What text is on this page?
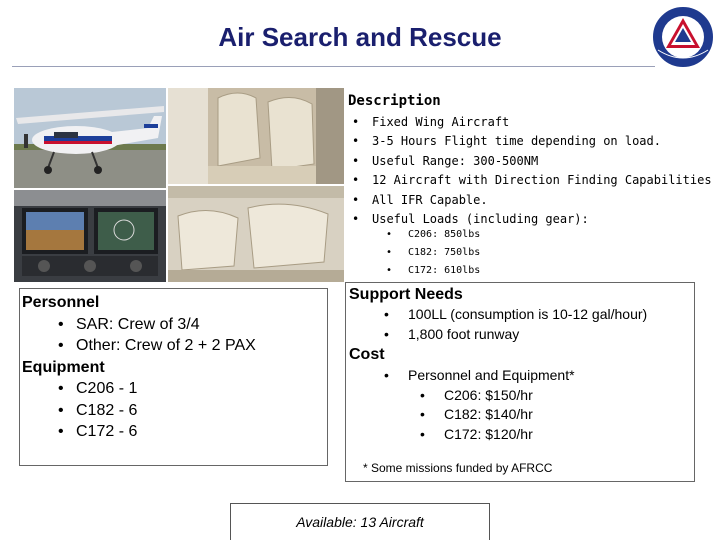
Air Search and Rescue
Description
• Fixed Wing Aircraft
• 3-5 Hours Flight time depending on load.
• Useful Range: 300-500NM
• 12 Aircraft with Direction Finding Capabilities
• All IFR Capable.
• Useful Loads (including gear):
• C206: 850lbs
• C182: 750lbs
• C172: 610lbs
Personnel
• SAR: Crew of 3/4
• Other: Crew of 2 + 2 PAX
Equipment
• C206 - 1
• C182 - 6
• C172 - 6
Support Needs
• 100LL (consumption is 10-12 gal/hour)
• 1,800 foot runway
Cost
• Personnel and Equipment*
• C206: $150/hr
• C182: $140/hr
• C172: $120/hr
* Some missions funded by AFRCC
Available: 13 Aircraft
